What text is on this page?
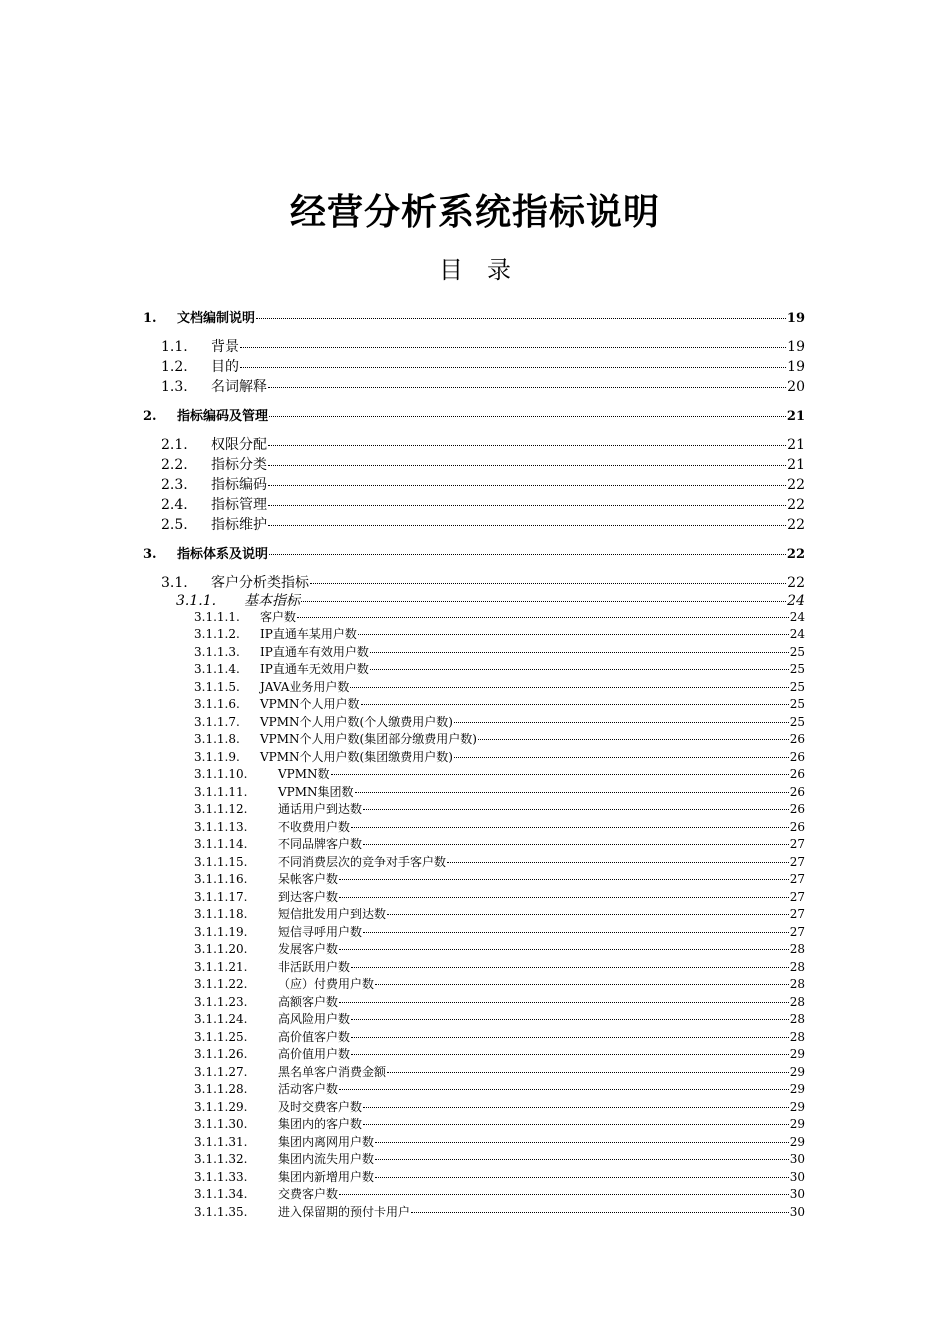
经营分析系统指标说明
目　录
1.	文档编制说明	19
1.1.	背景	19
1.2.	目的	19
1.3.	名词解释	20
2.	指标编码及管理	21
2.1.	权限分配	21
2.2.	指标分类	21
2.3.	指标编码	22
2.4.	指标管理	22
2.5.	指标维护	22
3.	指标体系及说明	22
3.1.	客户分析类指标	22
3.1.1.	基本指标	24
3.1.1.1.	客户数	24
3.1.1.2.	IP直通车某用户数	24
3.1.1.3.	IP直通车有效用户数	25
3.1.1.4.	IP直通车无效用户数	25
3.1.1.5.	JAVA业务用户数	25
3.1.1.6.	VPMN个人用户数	25
3.1.1.7.	VPMN个人用户数(个人缴费用户数)	25
3.1.1.8.	VPMN个人用户数(集团部分缴费用户数)	26
3.1.1.9.	VPMN个人用户数(集团缴费用户数)	26
3.1.1.10.	VPMN数	26
3.1.1.11.	VPMN集团数	26
3.1.1.12.	通话用户到达数	26
3.1.1.13.	不收费用户数	26
3.1.1.14.	不同品牌客户数	27
3.1.1.15.	不同消费层次的竞争对手客户数	27
3.1.1.16.	呆帐客户数	27
3.1.1.17.	到达客户数	27
3.1.1.18.	短信批发用户到达数	27
3.1.1.19.	短信寻呼用户数	27
3.1.1.20.	发展客户数	28
3.1.1.21.	非活跃用户数	28
3.1.1.22.	（应）付费用户数	28
3.1.1.23.	高额客户数	28
3.1.1.24.	高风险用户数	28
3.1.1.25.	高价值客户数	28
3.1.1.26.	高价值用户数	29
3.1.1.27.	黑名单客户消费金额	29
3.1.1.28.	活动客户数	29
3.1.1.29.	及时交费客户数	29
3.1.1.30.	集团内的客户数	29
3.1.1.31.	集团内离网用户数	29
3.1.1.32.	集团内流失用户数	30
3.1.1.33.	集团内新增用户数	30
3.1.1.34.	交费客户数	30
3.1.1.35.	进入保留期的预付卡用户	30
